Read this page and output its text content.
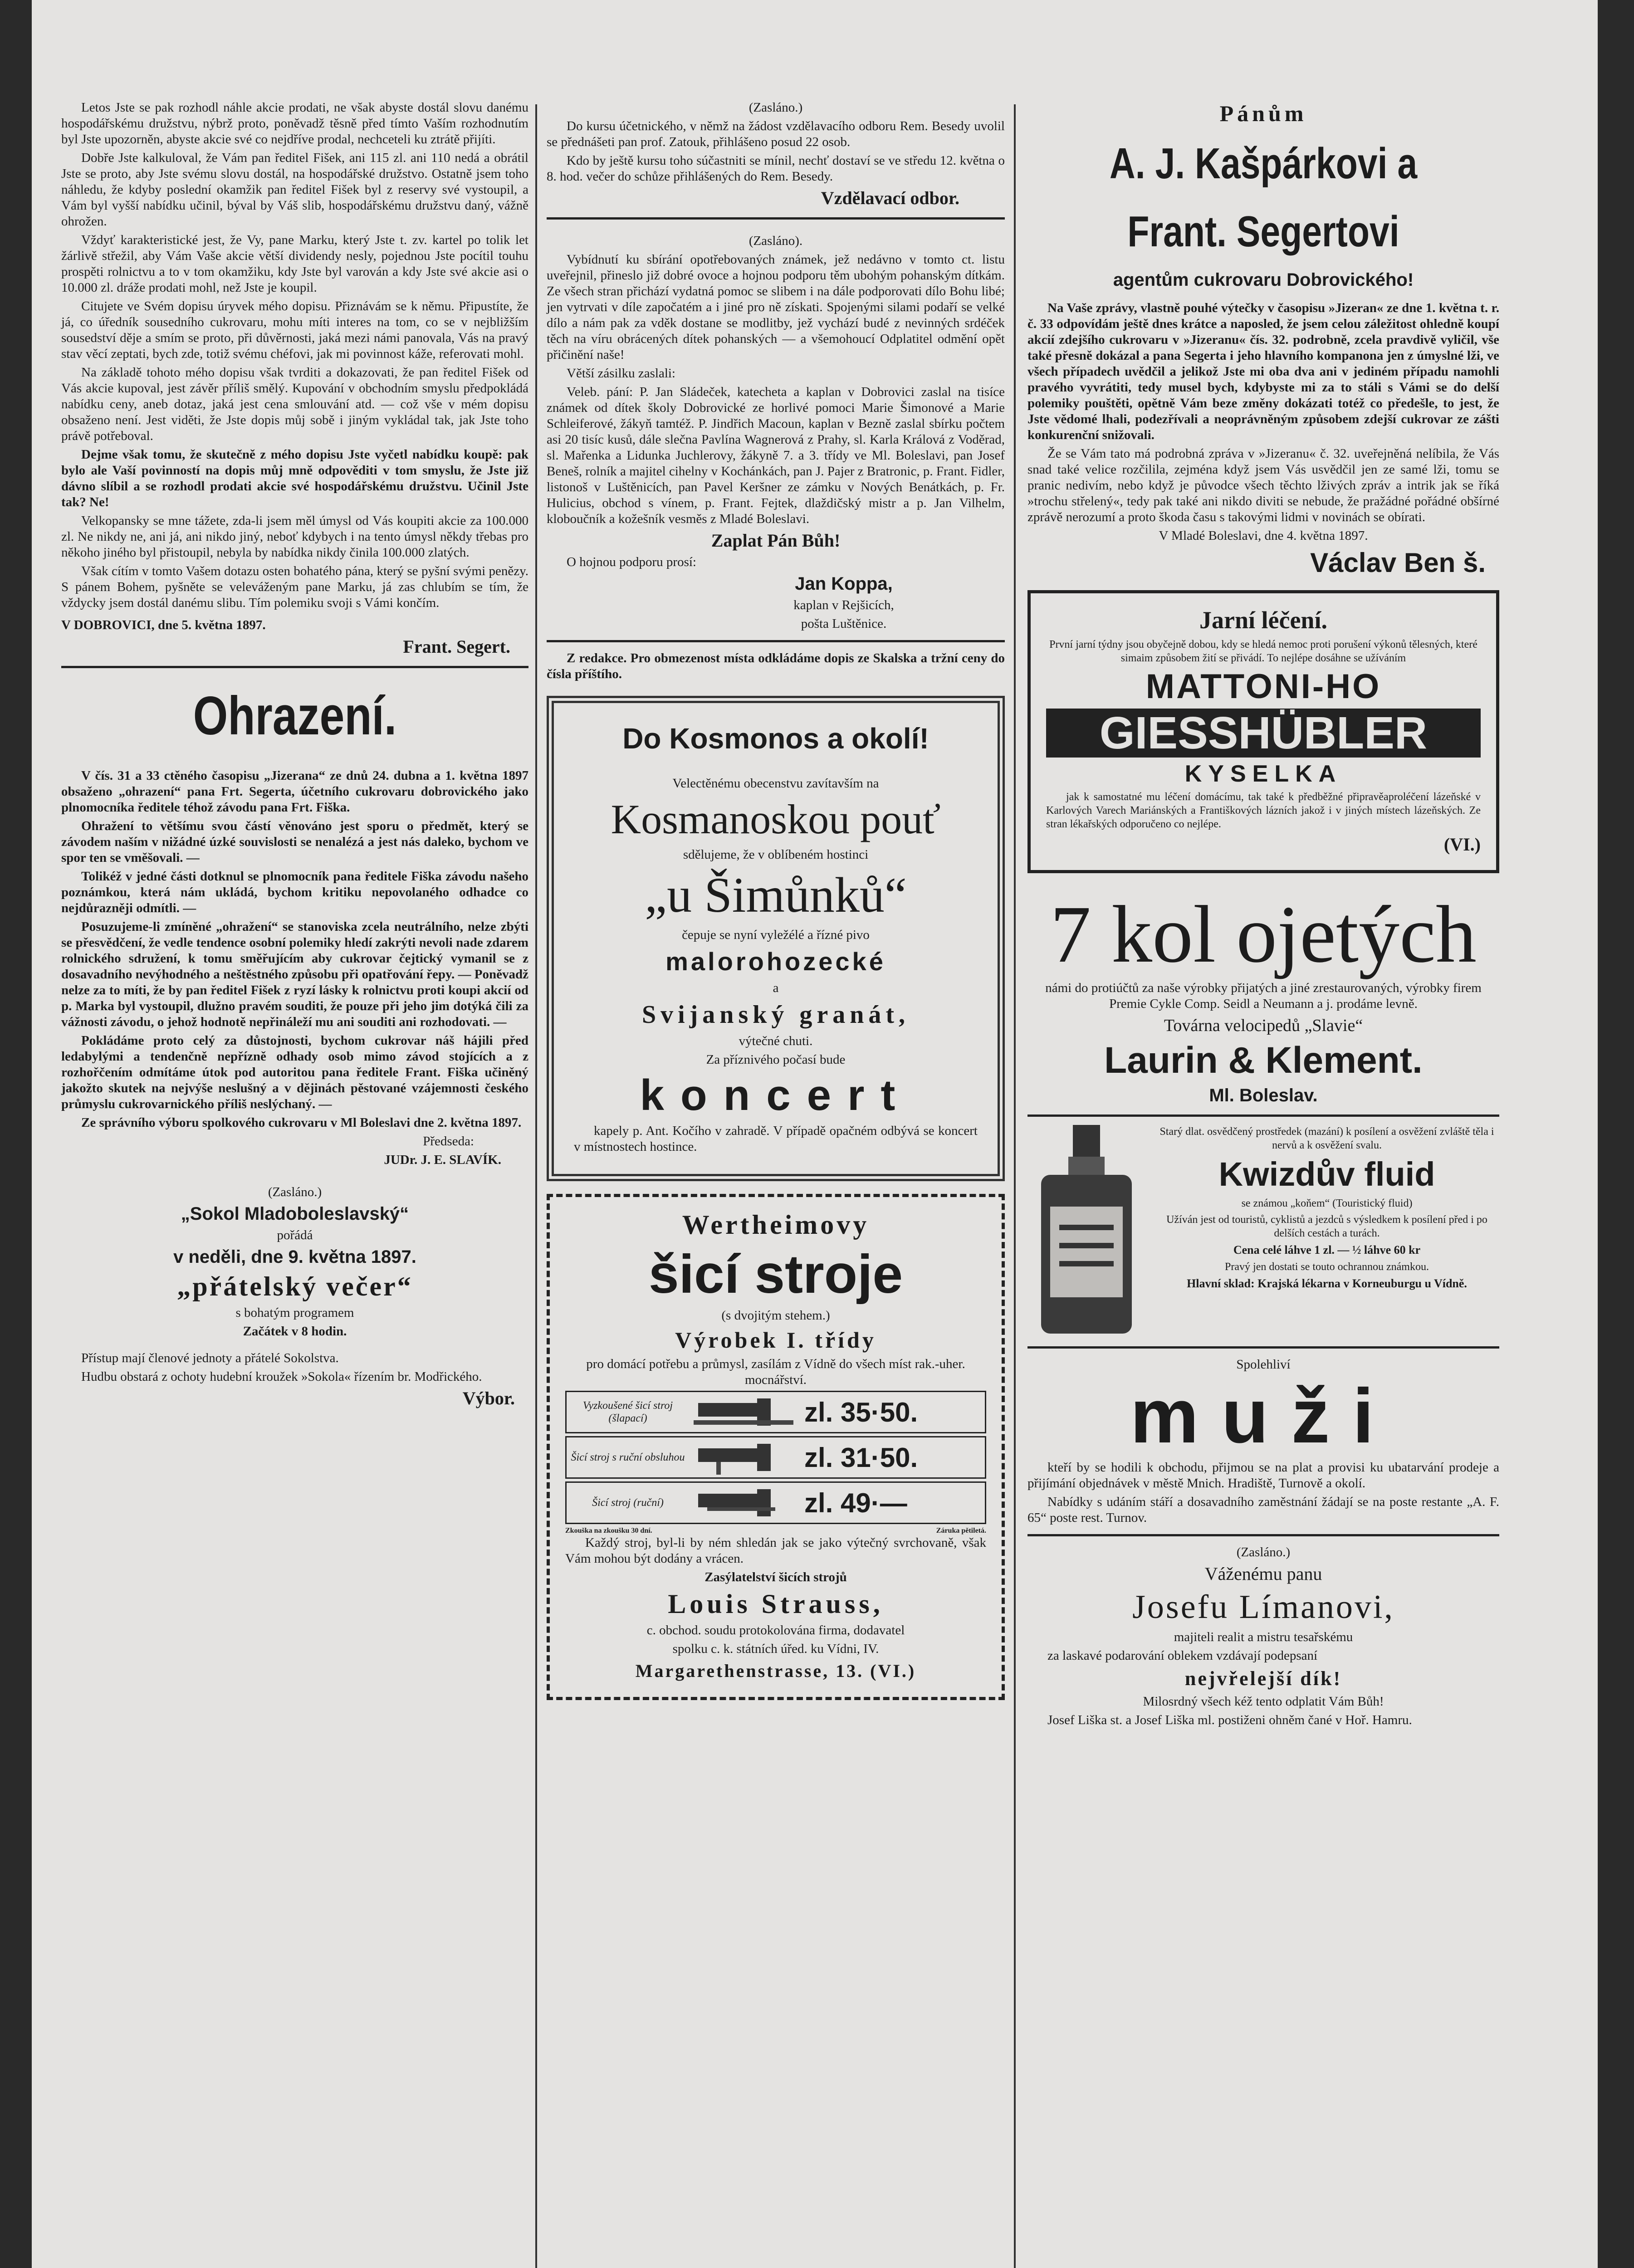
Letos Jste se pak rozhodl náhle akcie prodati, ne však abyste dostál slovu danému hospodářskému družstvu, nýbrž proto, poněvadž těsně před tímto Vaším rozhodnutím byl Jste upozorněn, abyste akcie své co nejdříve prodal, nechceteli ku ztrátě přijíti.

Dobře Jste kalkuloval, že Vám pan ředitel Fišek, ani 115 zl. ani 110 nedá a obrátil Jste se proto, aby Jste svému slovu dostál, na hospodářské družstvo. Ostatně jsem toho náhledu, že kdyby poslední okamžik pan ředitel Fišek byl z reservy své vystoupil, a Vám byl vyšší nabídku učinil, býval by Váš slib, hospodářskému družstvu daný, vážně ohrožen.

Vždyť karakteristické jest, že Vy, pane Marku, který Jste t. zv. kartel po tolik let žárlivě střežil, aby Vám Vaše akcie větší dividendy nesly, pojednou Jste pocítil touhu prospěti rolnictvu a to v tom okamžiku, kdy Jste byl varován a kdy Jste své akcie asi o 10.000 zl. dráže prodati mohl, než Jste je koupil.

Citujete ve Svém dopisu úryvek mého dopisu. Přiznávám se k němu. Připustíte, že já, co úředník sousedního cukrovaru, mohu míti interes na tom, co se v nejbližším sousedství děje a smím se proto, při důvěrnosti, jaká mezi námi panovala, Vás na pravý stav věcí zeptati, bych zde, totiž svému chéfovi, jak mi povinnost káže, referovati mohl.

Na základě tohoto mého dopisu však tvrditi a dokazovati, že pan ředitel Fišek od Vás akcie kupoval, jest závěr příliš smělý. Kupování v obchodním smyslu předpokládá nabídku ceny, aneb dotaz, jaká jest cena smlouvání atd. — což vše v mém dopisu obsaženo není. Jest viděti, že Jste dopis můj sobě i jiným vykládal tak, jak Jste toho právě potřeboval.

Dejme však tomu, že skutečně z mého dopisu Jste vyčetl nabídku koupě: pak bylo ale Vaší povinností na dopis můj mně odpověditi v tom smyslu, že Jste již dávno slíbil a se rozhodl prodati akcie své hospodářskému družstvu. Učinil Jste tak? Ne!

Velkopansky se mne tážete, zda-li jsem měl úmysl od Vás koupiti akcie za 100.000 zl. Ne nikdy ne, ani já, ani nikdo jiný, neboť kdybych i na tento úmysl někdy třebas pro někoho jiného byl přistoupil, nebyla by nabídka nikdy činila 100.000 zlatých.

Však cítím v tomto Vašem dotazu osten bohatého pána, který se pyšní svými penězy. S pánem Bohem, pyšněte se veleváženým pane Marku, já zas chlubím se tím, že vždycky jsem dostál danému slibu. Tím polemiku svoji s Vámi končím.

V DOBROVICI, dne 5. května 1897.

Frant. Segert.

Ohrazení.

V čís. 31 a 33 ctěného časopisu „Jizerana“ ze dnů 24. dubna a 1. května 1897 obsaženo „ohrazení“ pana Frt. Segerta, účetního cukrovaru dobrovického jako plnomocníka ředitele téhož závodu pana Frt. Fiška.

Ohražení to většímu svou částí věnováno jest sporu o předmět, který se závodem naším v nižádné úzké souvislosti se nenalézá a jest nás daleko, bychom ve spor ten se vměšovali. —

Tolikéž v jedné části dotknul se plnomocník pana ředitele Fiška závodu našeho poznámkou, která nám ukládá, bychom kritiku nepovolaného odhadce co nejdůrazněji odmítli. —

Posuzujeme-li zmíněné „ohražení“ se stanoviska zcela neutrálního, nelze zbýti se přesvědčení, že vedle tendence osobní polemiky hledí zakrýti nevoli nade zdarem rolnického sdružení, k tomu směřujícím aby cukrovar čejtický vymanil se z dosavadního nevýhodného a neštěstného způsobu při opatřování řepy. — Poněvadž nelze za to míti, že by pan ředitel Fišek z ryzí lásky k rolnictvu proti koupi akcií od p. Marka byl vystoupil, dlužno pravém souditi, že pouze při jeho jim dotýká čili za vážnosti závodu, o jehož hodnotě nepřináleží mu ani souditi ani rozhodovati. —

Pokládáme proto celý za důstojnosti, bychom cukrovar náš hájili před ledabylými a tendenčně nepřízně odhady osob mimo závod stojících a z rozhořčením odmítáme útok pod autoritou pana ředitele Frant. Fiška učiněný jakožto skutek na nejvýše neslušný a v dějinách pěstované vzájemnosti českého průmyslu cukrovarnického příliš neslýchaný. —

Ze správního výboru spolkového cukrovaru v Ml Boleslavi dne 2. května 1897.

Předseda:

JUDr. J. E. SLAVÍK.

(Zasláno.)

„Sokol Mladoboleslavský“

pořádá

v neděli, dne 9. května 1897.

„přátelský večer“

s bohatým programem

Začátek v 8 hodin.

Přístup mají členové jednoty a přátelé Sokolstva.

Hudbu obstará z ochoty hudební kroužek »Sokola« řízením br. Modřického.

Výbor.

(Zasláno.)

Do kursu účetnického, v němž na žádost vzdělavacího odboru Rem. Besedy uvolil se přednášeti pan prof. Zatouk, přihlášeno posud 22 osob.

Kdo by ještě kursu toho súčastniti se mínil, nechť dostaví se ve středu 12. května o 8. hod. večer do schůze přihlášených do Rem. Besedy.

Vzdělavací odbor.

(Zasláno).

Vybídnutí ku sbírání opotřebovaných známek, jež nedávno v tomto ct. listu uveřejnil, přineslo již dobré ovoce a hojnou podporu těm ubohým pohanským dítkám. Ze všech stran přichází vydatná pomoc se slibem i na dále podporovati dílo Bohu libé; jen vytrvati v díle započatém a i jiné pro ně získati. Spojenými silami podaří se velké dílo a nám pak za vděk dostane se modlitby, jež vychází budé z nevinných srdéček těch na víru obrácených dítek pohanských — a všemohoucí Odplatitel odmění opět přičinění naše!

Větší zásilku zaslali:

Veleb. pání: P. Jan Sládeček, katecheta a kaplan v Dobrovici zaslal na tisíce známek od dítek školy Dobrovické ze horlivé pomoci Marie Šimonové a Marie Schleiferové, žákyň tamtéž. P. Jindřich Macoun, kaplan v Bezně zaslal sbírku počtem asi 20 tisíc kusů, dále slečna Pavlína Wagnerová z Prahy, sl. Karla Králová z Voděrad, sl. Mařenka a Lidunka Juchlerovy, žákyně 7. a 3. třídy ve Ml. Boleslavi, pan Josef Beneš, rolník a majitel cihelny v Kochánkách, pan J. Pajer z Bratronic, p. Frant. Fidler, listonoš v Luštěnicích, pan Pavel Keršner ze zámku v Nových Benátkách, p. Fr. Hulicius, obchod s vínem, p. Frant. Fejtek, dlaždičský mistr a p. Jan Vilhelm, kloboučník a kožešník vesměs z Mladé Boleslavi.

Zaplat Pán Bůh!

O hojnou podporu prosí:

Jan Koppa,

kaplan v Rejšicích,

pošta Luštěnice.

Z redakce. Pro obmezenost místa odkládáme dopis ze Skalska a tržní ceny do čísla příštího.

Do Kosmonos a okolí!

Velectěnému obecenstvu zavítavším na

Kosmanoskou pouť

sdělujeme, že v oblíbeném hostinci

„u Šimůnků“

čepuje se nyní vyležélé a řízné pivo

malorohozecké

a

Svijanský granát,

výtečné chuti.

Za příznivého počasí bude

koncert

kapely p. Ant. Kočího v zahradě. V případě opačném odbývá se koncert v místnostech hostince.

Wertheimovy

šicí stroje

(s dvojitým stehem.)

Výrobek I. třídy

pro domácí potřebu a průmysl, zasílám z Vídně do všech míst rak.-uher. mocnářství.

Vyzkoušené šicí stroj (šlapací)	zl. 35·50.
Šicí stroj s ruční obsluhou	zl. 31·50.
Šicí stroj (ruční)	zl. 49·—
Zkouška na zkoušku 30 dní.	Záruka pětiletá.

Každý stroj, byl-li by ném shledán jak se jako výtečný svrchovaně, však Vám mohou být dodány a vrácen.

Zasýlatelství šicích strojů

Louis Strauss,

c. obchod. soudu protokolována firma, dodavatel

spolku c. k. státních úřed. ku Vídni, IV.

Margarethenstrasse, 13. (VI.)

Pánům

A. J. Kašpárkovi a Frant. Segertovi

agentům cukrovaru Dobrovického!

Na Vaše zprávy, vlastně pouhé výtečky v časopisu »Jizeran« ze dne 1. května t. r. č. 33 odpovídám ještě dnes krátce a naposled, že jsem celou záležitost ohledně koupí akcií zdejšího cukrovaru v »Jizeranu« čís. 32. podrobně, zcela pravdivě vyličil, vše také přesně dokázal a pana Segerta i jeho hlavního kompanona jen z úmyslné lži, ve všech případech uvědčil a jelikož Jste mi oba dva ani v jediném případu namohli pravého vyvrátiti, tedy musel bych, kdybyste mi za to stáli s Vámi se do delší polemiky pouštěti, opětně Vám beze změny dokázati totéž co předešle, to jest, že Jste vědomé lhali, podezřívali a neoprávněným způsobem zdejší cukrovar ze zášti konkurenční snižovali.

Že se Vám tato má podrobná zpráva v »Jizeranu« č. 32. uveřejněná nelíbila, že Vás snad také velice rozčilila, zejména když jsem Vás usvědčil jen ze samé lži, tomu se pranic nedivím, nebo když je původce všech těchto lživých zpráv a intrik jak se říká »trochu střelený«, tedy pak také ani nikdo diviti se nebude, že pražádné pořádné obšírné zprávě nerozumí a proto škoda času s takovými lidmi v novinách se obírati.

V Mladé Boleslavi, dne 4. května 1897.

Václav Ben š.

Jarní léčení.

První jarní týdny jsou obyčejně dobou, kdy se hledá nemoc proti porušení výkonů tělesných, které simaim způsobem žití se přivádí. To nejlépe dosáhne se užíváním

MATTONI-HO

GIESSHÜBLER

KYSELKA

jak k samostatné mu léčení domácímu, tak také k předběžné připravěaproléčení lázeňské v Karlových Varech Mariánských a Františkových lázních jakož i v jiných místech lázeňských. Ze stran lékařských odporučeno co nejlépe.

(VI.)

7 kol ojetých

námi do protiúčtů za naše výrobky přijatých a jiné zrestaurovaných, výrobky firem Premie Cykle Comp. Seidl a Neumann a j. prodáme levně.

Továrna velocipedů „Slavie“

Laurin & Klement.

Ml. Boleslav.

Starý dlat. osvědčený prostředek (mazání) k posílení a osvěžení zvláště těla i nervů a k osvěžení svalu.

Kwizdův fluid

se známou „koňem“ (Touristický fluid)

Užíván jest od touristů, cyklistů a jezdců s výsledkem k posílení před i po delších cestách a turách.

Cena celé láhve 1 zl. — ½ láhve 60 kr

Pravý jen dostati se touto ochrannou známkou.

Hlavní sklad: Krajská lékarna v Korneuburgu u Vídně.

Spolehliví

muži

kteří by se hodili k obchodu, přijmou se na plat a provisi ku ubatarvání prodeje a přijímání objednávek v městě Mnich. Hradiště, Turnově a okolí.

Nabídky s udáním stáří a dosavadního zaměstnání žádají se na poste restante „A. F. 65“ poste rest. Turnov.

(Zasláno.)

Váženému panu

Josefu Límanovi,

majiteli realit a mistru tesařskému

za laskavé podarování oblekem vzdávají podepsaní

nejvřelejší dík!

Milosrdný všech kéž tento odplatit Vám Bůh!

Josef Liška st. a Josef Liška ml. postiženi ohněm čané v Hoř. Hamru.
